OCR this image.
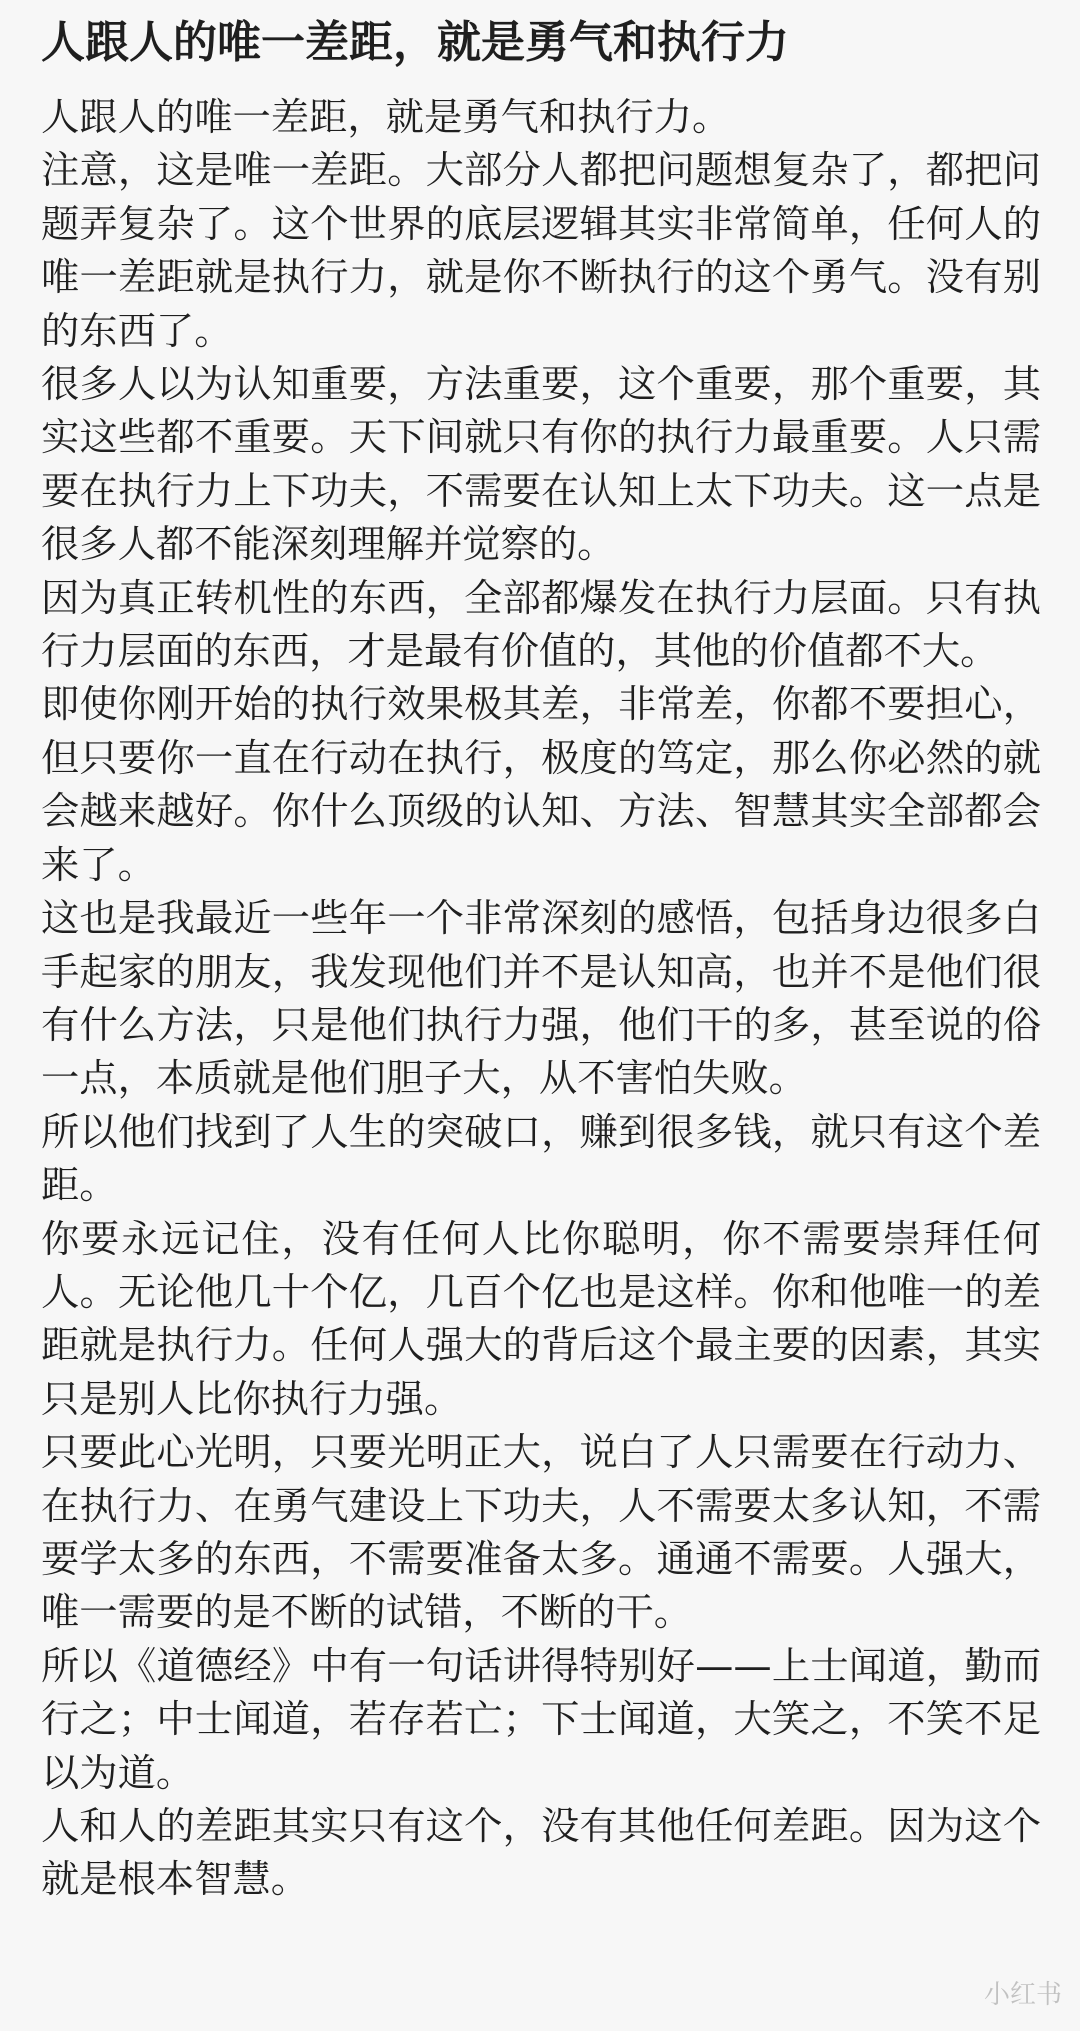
人跟人的唯一差距，就是勇气和执行力

人跟人的唯一差距，就是勇气和执行力。

注意，这是唯一差距。大部分人都把问题想复杂了，都把问题弄复杂了。这个世界的底层逻辑其实非常简单，任何人的唯一差距就是执行力，就是你不断执行的这个勇气。没有别的东西了。

很多人以为认知重要，方法重要，这个重要，那个重要，其实这些都不重要。天下间就只有你的执行力最重要。人只需要在执行力上下功夫，不需要在认知上太下功夫。这一点是很多人都不能深刻理解并觉察的。

因为真正转机性的东西，全部都爆发在执行力层面。只有执行力层面的东西，才是最有价值的，其他的价值都不大。

即使你刚开始的执行效果极其差，非常差，你都不要担心，但只要你一直在行动在执行，极度的笃定，那么你必然的就会越来越好。你什么顶级的认知、方法、智慧其实全部都会来了。

这也是我最近一些年一个非常深刻的感悟，包括身边很多白手起家的朋友，我发现他们并不是认知高，也并不是他们很有什么方法，只是他们执行力强，他们干的多，甚至说的俗一点，本质就是他们胆子大，从不害怕失败。

所以他们找到了人生的突破口，赚到很多钱，就只有这个差距。

你要永远记住，没有任何人比你聪明，你不需要崇拜任何人。无论他几十个亿，几百个亿也是这样。你和他唯一的差距就是执行力。任何人强大的背后这个最主要的因素，其实只是别人比你执行力强。

只要此心光明，只要光明正大，说白了人只需要在行动力、在执行力、在勇气建设上下功夫，人不需要太多认知，不需要学太多的东西，不需要准备太多。通通不需要。人强大，唯一需要的是不断的试错，不断的干。

所以《道德经》中有一句话讲得特别好——上士闻道，勤而行之；中士闻道，若存若亡；下士闻道，大笑之，不笑不足以为道。

人和人的差距其实只有这个，没有其他任何差距。因为这个就是根本智慧。

小红书
